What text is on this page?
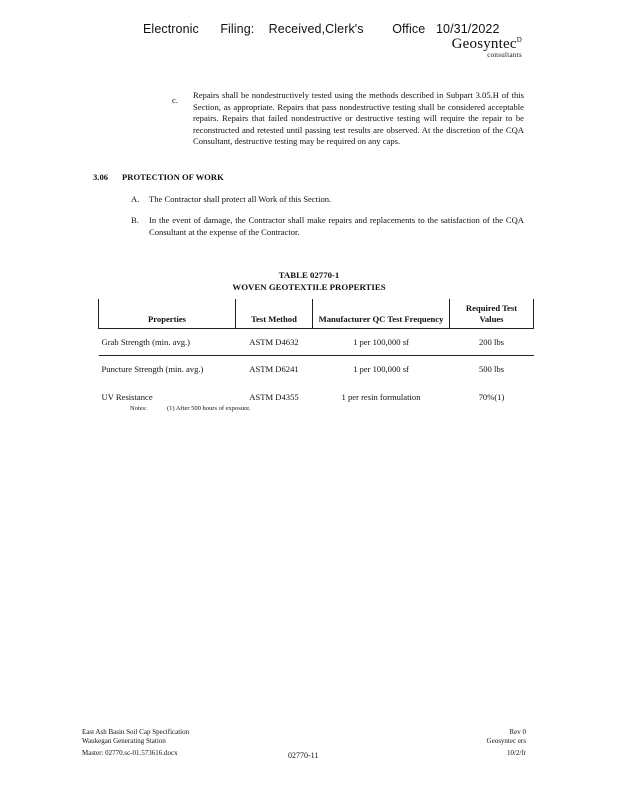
Electronic      Filing:    Received,Clerk's        Office   10/31/2022
Geosyntec$^D$
consultants
c. Repairs shall be nondestructively tested using the methods described in Subpart 3.05.H of this Section, as appropriate. Repairs that pass nondestructive testing shall be considered acceptable repairs. Repairs that failed nondestructive or destructive testing will require the repair to be reconstructed and retested until passing test results are observed. At the discretion of the CQA Consultant, destructive testing may be required on any caps.
3.06 PROTECTION OF WORK
A. The Contractor shall protect all Work of this Section.
B. In the event of damage, the Contractor shall make repairs and replacements to the satisfaction of the CQA Consultant at the expense of the Contractor.
TABLE 02770-1
WOVEN GEOTEXTILE PROPERTIES
Properties	Test Method	Manufacturer QC Test Frequency	Required Test Values
Grab Strength (min. avg.)	ASTM D4632	1 per 100,000 sf	200 lbs
Puncture Strength (min. avg.)	ASTM D6241	1 per 100,000 sf	500 lbs
UV Resistance	ASTM D4355	1 per resin formulation	70%(1)
Notes:	(1) After 500 hours of exposure.
East Ash Basin Soil Cap Specification
Waukegan Generating Station
Master: 02770.sc-01.573616.docx	02770-11
Rev 0
Geosyntec ers
10/2/fr
